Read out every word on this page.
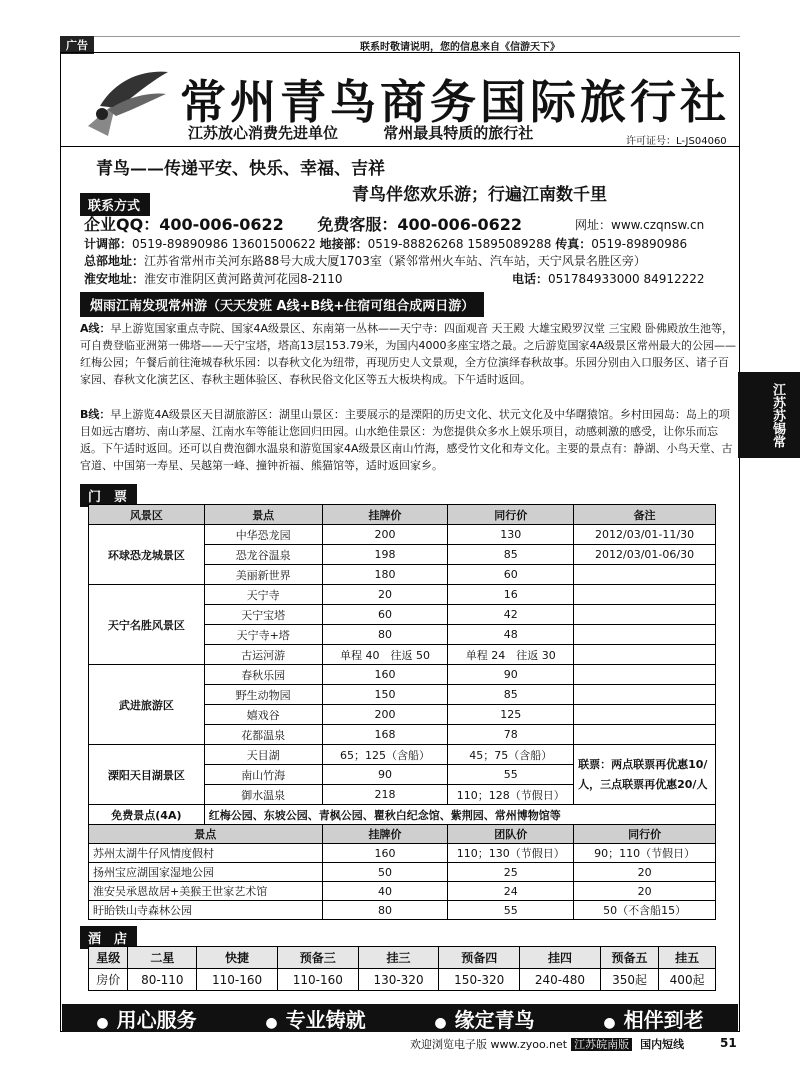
广告	联系时敬请说明，您的信息来自《信游天下》
常州青鸟商务国际旅行社
江苏放心消费先进单位	常州最具特质的旅行社	许可证号：L-JS04060
青鸟——传递平安、快乐、幸福、吉祥
青鸟伴您欢乐游；行遍江南数千里
联系方式
企业QQ：400-006-0622 免费客服：400-006-0622	网址：www.czqnsw.cn
计调部：0519-89890986 13601500622 地接部：0519-88826268 15895089288 传真：0519-89890986
总部地址：江苏省常州市关河东路88号大成大厦1703室（紧邻常州火车站、汽车站，天宁风景名胜区旁）
淮安地址：淮安市淮阴区黄河路黄河花园8-2110	电话：051784933000 84912222
烟雨江南发现常州游（天天发班 A线+B线+住宿可组合成两日游）
A线：早上游览国家重点寺院、国家4A级景区、东南第一丛林——天宁寺：四面观音 天王殿 大雄宝殿罗汉堂 三宝殿 卧佛殿放生池等，可自费登临亚洲第一佛塔——天宁宝塔，塔高13层153.79米，为国内4000多座宝塔之最。之后游览国家4A级景区常州最大的公园——红梅公园；午餐后前往淹城春秋乐园：以春秋文化为纽带，再现历史人文景观，全方位演绎春秋故事。乐园分别由入口服务区、诸子百家园、春秋文化演艺区、春秋主题体验区、春秋民俗文化区等五大板块构成。下午适时返回。
B线：早上游览4A级景区天目湖旅游区：湖里山景区：主要展示的是溧阳的历史文化、状元文化及中华曙猿馆。乡村田园岛：岛上的项目如远古磨坊、南山茅屋、江南水车等能让您回归田园。山水绝佳景区：为您提供众多水上娱乐项目，动感刺激的感受，让你乐而忘返。下午适时返回。还可以自费泡御水温泉和游览国家4A级景区南山竹海，感受竹文化和寿文化。主要的景点有：静湖、小鸟天堂、古官道、中国第一寿星、吴越第一峰、撞钟祈福、熊猫馆等，适时返回家乡。
江苏苏锡常
门　票
风景区	景点	挂牌价	同行价	备注
环球恐龙城景区	中华恐龙园	200	130	2012/03/01-11/30
	恐龙谷温泉	198	85	2012/03/01-06/30
	美丽新世界	180	60	
天宁名胜风景区	天宁寺	20	16	
	天宁宝塔	60	42	
	天宁寺+塔	80	48	
	古运河游	单程 40　往返 50	单程 24　往返 30	
武进旅游区	春秋乐园	160	90	
	野生动物园	150	85	
	嬉戏谷	200	125	
	花都温泉	168	78	
溧阳天目湖景区	天目湖	65；125（含船）	45；75（含船）	联票：两点联票再优惠10/人，三点联票再优惠20/人
	南山竹海	90	55	
	御水温泉	218	110；128（节假日）	
免费景点(4A)	红梅公园、东坡公园、青枫公园、瞿秋白纪念馆、紫荆园、常州博物馆等			
景点	挂牌价	团队价	同行价
苏州太湖牛仔风情度假村	160	110；130（节假日）	90；110（节假日）
扬州宝应湖国家湿地公园	50	25	20
淮安吴承恩故居+美猴王世家艺术馆	40	24	20
盱眙铁山寺森林公园	80	55	50（不含船15）
酒　店
星级	二星	快捷	预备三	挂三	预备四	挂四	预备五	挂五
房价	80-110	110-160	110-160	130-320	150-320	240-480	350起	400起
● 用心服务	● 专业铸就	● 缘定青鸟	● 相伴到老
欢迎浏览电子版 www.zyoo.net 江苏皖南版 国内短线	51
